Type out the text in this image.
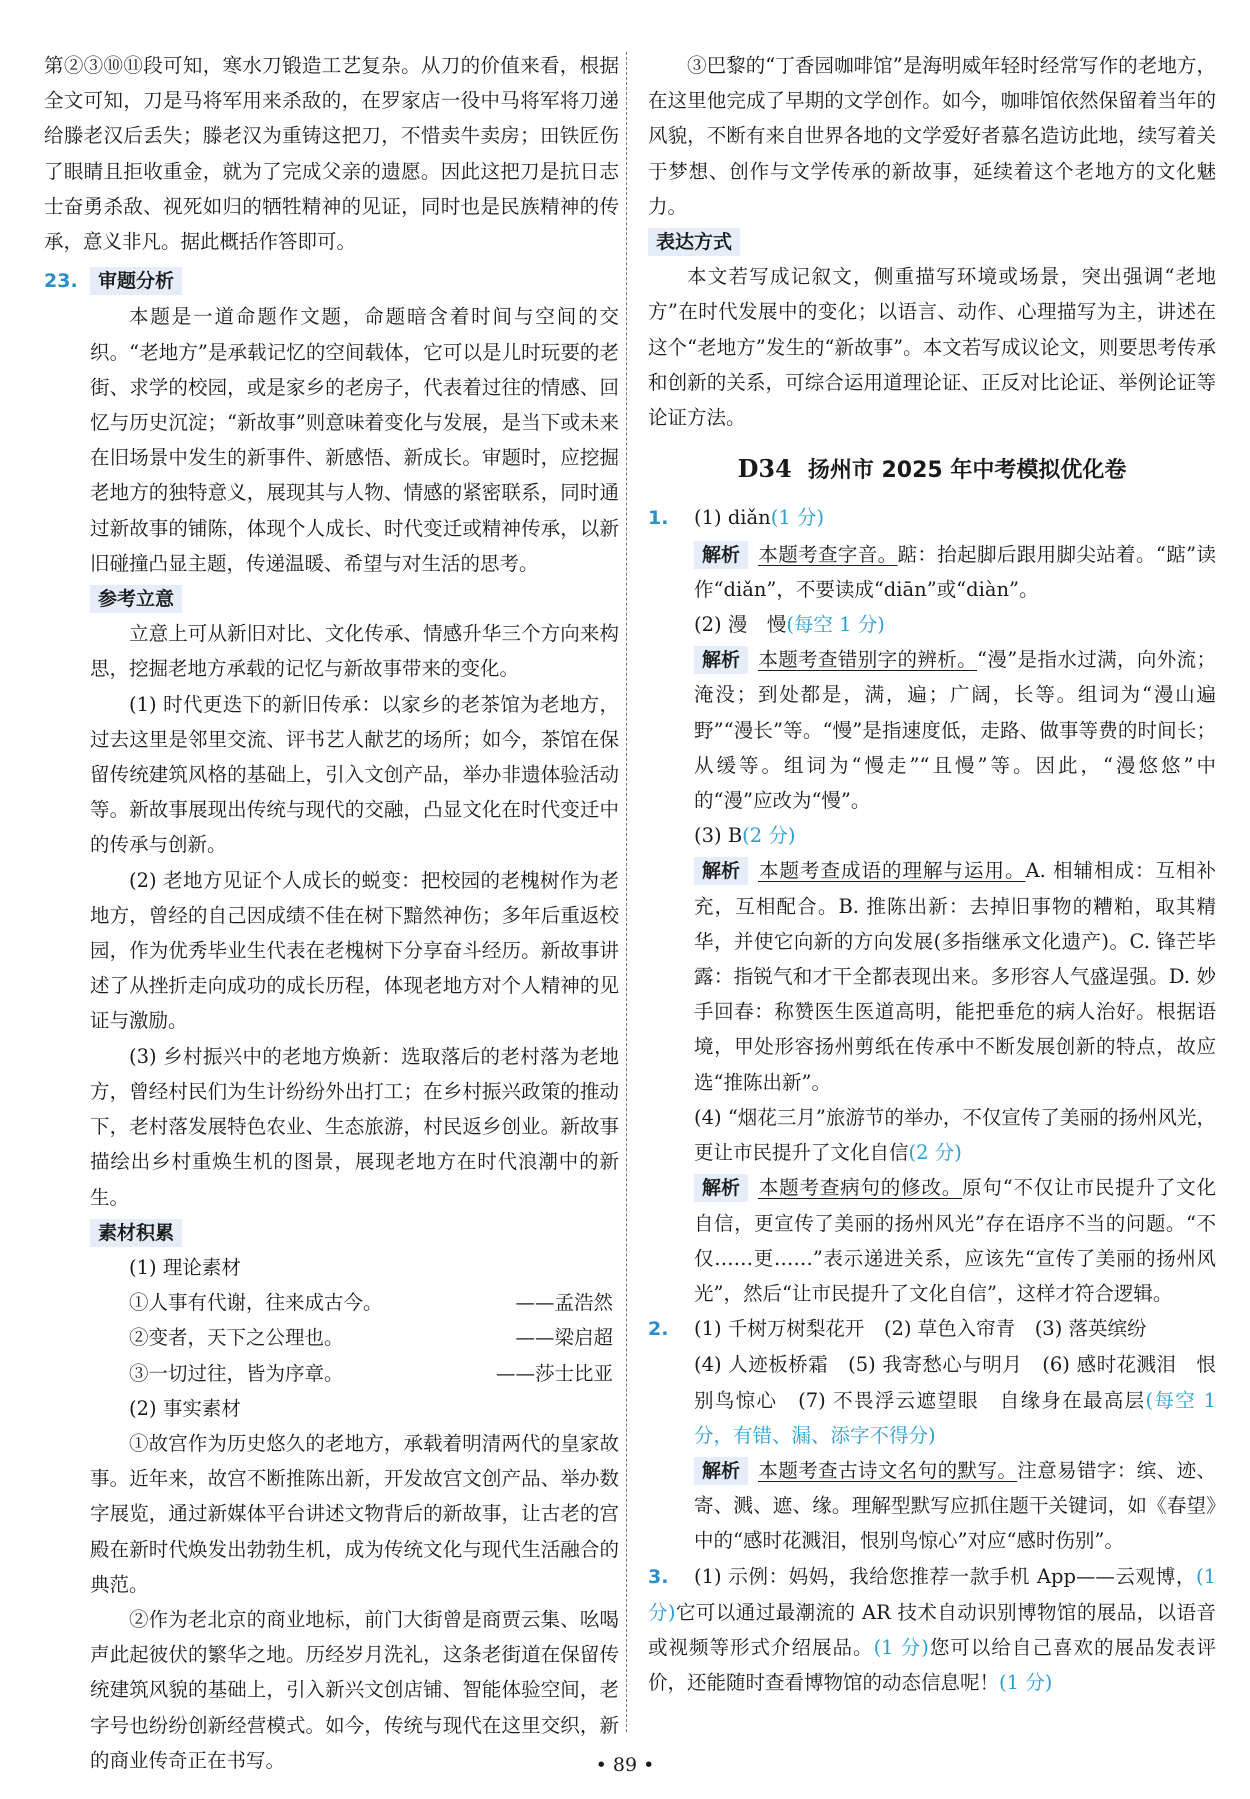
第②③⑩⑪段可知，寒水刀锻造工艺复杂。从刀的价值来看，根据全文可知，刀是马将军用来杀敌的，在罗家店一役中马将军将刀递给滕老汉后丢失；滕老汉为重铸这把刀，不惜卖牛卖房；田铁匠伤了眼睛且拒收重金，就为了完成父亲的遗愿。因此这把刀是抗日志士奋勇杀敌、视死如归的牺牲精神的见证，同时也是民族精神的传承，意义非凡。据此概括作答即可。

23. 审题分析

本题是一道命题作文题，命题暗含着时间与空间的交织。“老地方”是承载记忆的空间载体，它可以是儿时玩要的老街、求学的校园，或是家乡的老房子，代表着过往的情感、回忆与历史沉淀；“新故事”则意味着变化与发展，是当下或未来在旧场景中发生的新事件、新感悟、新成长。审题时，应挖掘老地方的独特意义，展现其与人物、情感的紧密联系，同时通过新故事的铺陈，体现个人成长、时代变迁或精神传承，以新旧碰撞凸显主题，传递温暖、希望与对生活的思考。

参考立意

立意上可从新旧对比、文化传承、情感升华三个方向来构思，挖掘老地方承载的记忆与新故事带来的变化。

(1) 时代更迭下的新旧传承：以家乡的老茶馆为老地方，过去这里是邻里交流、评书艺人献艺的场所；如今，茶馆在保留传统建筑风格的基础上，引入文创产品，举办非遗体验活动等。新故事展现出传统与现代的交融，凸显文化在时代变迁中的传承与创新。

(2) 老地方见证个人成长的蜕变：把校园的老槐树作为老地方，曾经的自己因成绩不佳在树下黯然神伤；多年后重返校园，作为优秀毕业生代表在老槐树下分享奋斗经历。新故事讲述了从挫折走向成功的成长历程，体现老地方对个人精神的见证与激励。

(3) 乡村振兴中的老地方焕新：选取落后的老村落为老地方，曾经村民们为生计纷纷外出打工；在乡村振兴政策的推动下，老村落发展特色农业、生态旅游，村民返乡创业。新故事描绘出乡村重焕生机的图景，展现老地方在时代浪潮中的新生。

素材积累

(1) 理论素材

①人事有代谢，往来成古今。	——孟浩然
②变者，天下之公理也。	——梁启超
③一切过往，皆为序章。	——莎士比亚

(2) 事实素材

①故宫作为历史悠久的老地方，承载着明清两代的皇家故事。近年来，故宫不断推陈出新，开发故宫文创产品、举办数字展览，通过新媒体平台讲述文物背后的新故事，让古老的宫殿在新时代焕发出勃勃生机，成为传统文化与现代生活融合的典范。

②作为老北京的商业地标，前门大街曾是商贾云集、吆喝声此起彼伏的繁华之地。历经岁月洗礼，这条老街道在保留传统建筑风貌的基础上，引入新兴文创店铺、智能体验空间，老字号也纷纷创新经营模式。如今，传统与现代在这里交织，新的商业传奇正在书写。

③巴黎的“丁香园咖啡馆”是海明威年轻时经常写作的老地方，在这里他完成了早期的文学创作。如今，咖啡馆依然保留着当年的风貌，不断有来自世界各地的文学爱好者慕名造访此地，续写着关于梦想、创作与文学传承的新故事，延续着这个老地方的文化魅力。

表达方式

本文若写成记叙文，侧重描写环境或场景，突出强调“老地方”在时代发展中的变化；以语言、动作、心理描写为主，讲述在这个“老地方”发生的“新故事”。本文若写成议论文，则要思考传承和创新的关系，可综合运用道理论证、正反对比论证、举例论证等论证方法。

D34 扬州市 2025 年中考模拟优化卷
1. (1) diǎn(1 分)

解析 本题考查字音。踮：抬起脚后跟用脚尖站着。“踮”读作“diǎn”，不要读成“diān”或“diàn”。

(2) 漫　慢(每空 1 分)

解析 本题考查错别字的辨析。“漫”是指水过满，向外流；淹没；到处都是，满，遍；广阔，长等。组词为“漫山遍野”“漫长”等。“慢”是指速度低，走路、做事等费的时间长；从缓等。组词为“慢走”“且慢”等。因此，“漫悠悠”中的“漫”应改为“慢”。

(3) B(2 分)

解析 本题考查成语的理解与运用。A. 相辅相成：互相补充，互相配合。B. 推陈出新：去掉旧事物的糟粕，取其精华，并使它向新的方向发展(多指继承文化遗产)。C. 锋芒毕露：指锐气和才干全都表现出来。多形容人气盛逞强。D. 妙手回春：称赞医生医道高明，能把垂危的病人治好。根据语境，甲处形容扬州剪纸在传承中不断发展创新的特点，故应选“推陈出新”。

(4) “烟花三月”旅游节的举办，不仅宣传了美丽的扬州风光，更让市民提升了文化自信(2 分)

解析 本题考查病句的修改。原句“不仅让市民提升了文化自信，更宣传了美丽的扬州风光”存在语序不当的问题。“不仅……更……”表示递进关系，应该先“宣传了美丽的扬州风光”，然后“让市民提升了文化自信”，这样才符合逻辑。

2. (1) 千树万树梨花开　 (2) 草色入帘青　 (3) 落英缤纷

(4) 人迹板桥霜　 (5) 我寄愁心与明月　 (6) 感时花溅泪　 恨别鸟惊心　 (7) 不畏浮云遮望眼　 自缘身在最高层(每空 1 分，有错、漏、添字不得分)

解析 本题考查古诗文名句的默写。注意易错字：缤、迹、寄、溅、遮、缘。理解型默写应抓住题干关键词，如《春望》中的“感时花溅泪，恨别鸟惊心”对应“感时伤别”。

3. (1) 示例：妈妈，我给您推荐一款手机 App——云观博，(1 分)它可以通过最潮流的 AR 技术自动识别博物馆的展品，以语音或视频等形式介绍展品。(1 分)您可以给自己喜欢的展品发表评价，还能随时查看博物馆的动态信息呢！(1 分)

• 89 •
